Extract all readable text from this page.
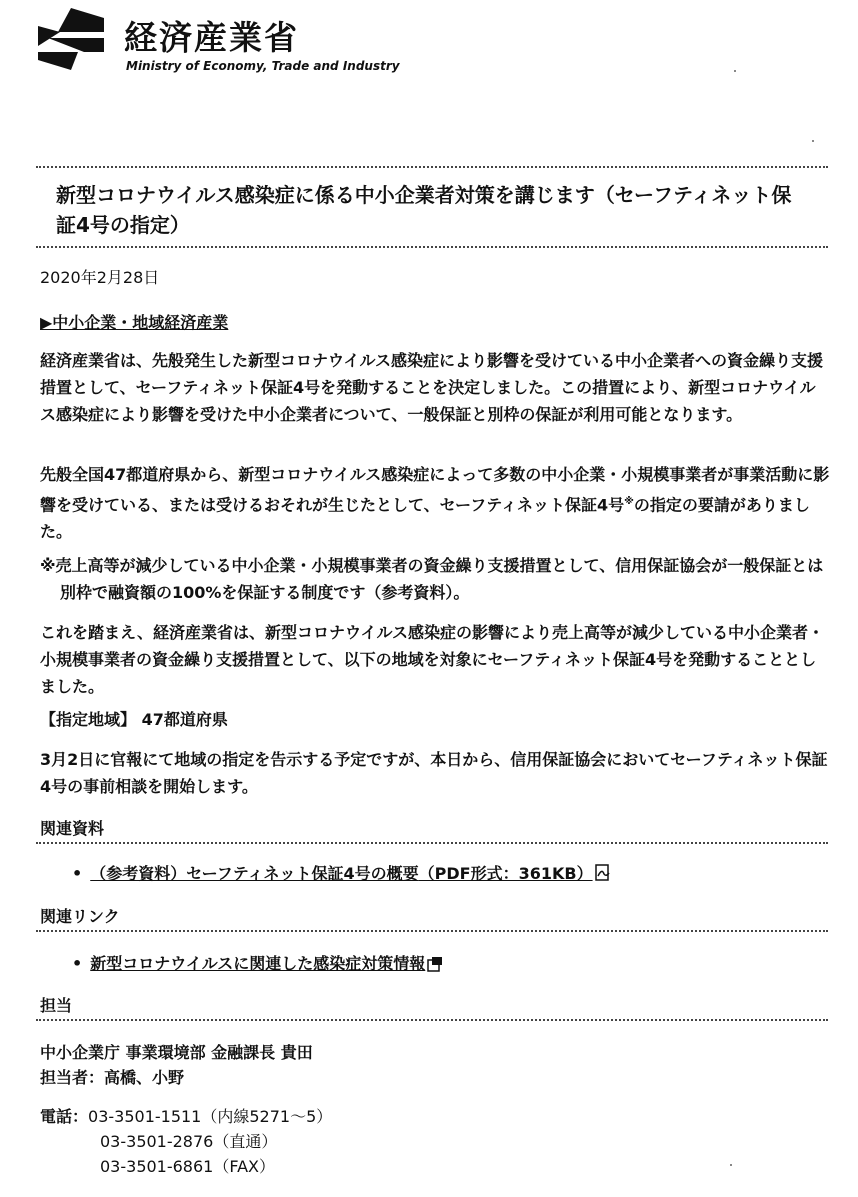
経済産業省
Ministry of Economy, Trade and Industry
新型コロナウイルス感染症に係る中小企業者対策を講じます（セーフティネット保証4号の指定）
2020年2月28日
▶中小企業・地域経済産業

経済産業省は、先般発生した新型コロナウイルス感染症により影響を受けている中小企業者への資金繰り支援措置として、セーフティネット保証4号を発動することを決定しました。この措置により、新型コロナウイルス感染症により影響を受けた中小企業者について、一般保証と別枠の保証が利用可能となります。

先般全国47都道府県から、新型コロナウイルス感染症によって多数の中小企業・小規模事業者が事業活動に影響を受けている、または受けるおそれが生じたとして、セーフティネット保証4号※の指定の要請がありました。

※売上高等が減少している中小企業・小規模事業者の資金繰り支援措置として、信用保証協会が一般保証とは別枠で融資額の100%を保証する制度です（参考資料）。

これを踏まえ、経済産業省は、新型コロナウイルス感染症の影響により売上高等が減少している中小企業者・小規模事業者の資金繰り支援措置として、以下の地域を対象にセーフティネット保証4号を発動することとしました。

【指定地域】 47都道府県

3月2日に官報にて地域の指定を告示する予定ですが、本日から、信用保証協会においてセーフティネット保証4号の事前相談を開始します。

関連資料
• （参考資料）セーフティネット保証4号の概要（PDF形式：361KB）
関連リンク
• 新型コロナウイルスに関連した感染症対策情報
担当
中小企業庁 事業環境部 金融課長 貴田
担当者：高橋、小野
電話：03-3501-1511（内線5271～5）
03-3501-2876（直通）
03-3501-6861（FAX）
